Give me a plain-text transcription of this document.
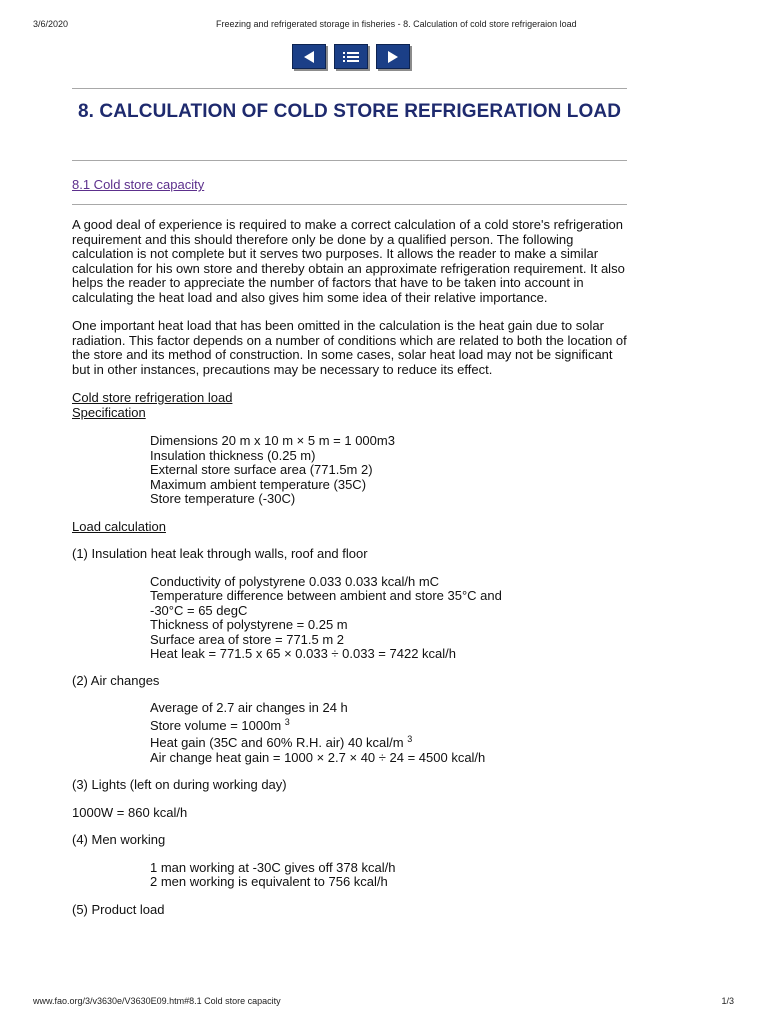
3/6/2020	Freezing and refrigerated storage in fisheries - 8. Calculation of cold store refrigeraion load
8. CALCULATION OF COLD STORE REFRIGERATION LOAD
8.1 Cold store capacity

A good deal of experience is required to make a correct calculation of a cold store's refrigeration requirement and this should therefore only be done by a qualified person. The following calculation is not complete but it serves two purposes. It allows the reader to make a similar calculation for his own store and thereby obtain an approximate refrigeration requirement. It also helps the reader to appreciate the number of factors that have to be taken into account in calculating the heat load and also gives him some idea of their relative importance.

One important heat load that has been omitted in the calculation is the heat gain due to solar radiation. This factor depends on a number of conditions which are related to both the location of the store and its method of construction. In some cases, solar heat load may not be significant but in other instances, precautions may be necessary to reduce its effect.

Cold store refrigeration load

Specification

Dimensions 20 m x 10 m × 5 m = 1 000m3

Insulation thickness (0.25 m)

External store surface area (771.5m 2)

Maximum ambient temperature (35C)

Store temperature (-30C)

Load calculation

(1) Insulation heat leak through walls, roof and floor

Conductivity of polystyrene 0.033 0.033 kcal/h mC

Temperature difference between ambient and store 35°C and

-30°C = 65 degC

Thickness of polystyrene = 0.25 m

Surface area of store = 771.5 m 2

Heat leak = 771.5 x 65 × 0.033 ÷ 0.033 = 7422 kcal/h

(2) Air changes

Average of 2.7 air changes in 24 h

Store volume = 1000m $^3$

Heat gain (35C and 60% R.H. air) 40 kcal/m $^3$

Air change heat gain = 1000 × 2.7 × 40 ÷ 24 = 4500 kcal/h

(3) Lights (left on during working day)

1000W = 860 kcal/h

(4) Men working

1 man working at -30C gives off 378 kcal/h

2 men working is equivalent to 756 kcal/h

(5) Product load

www.fao.org/3/v3630e/V3630E09.htm#8.1 Cold store capacity	1/3
